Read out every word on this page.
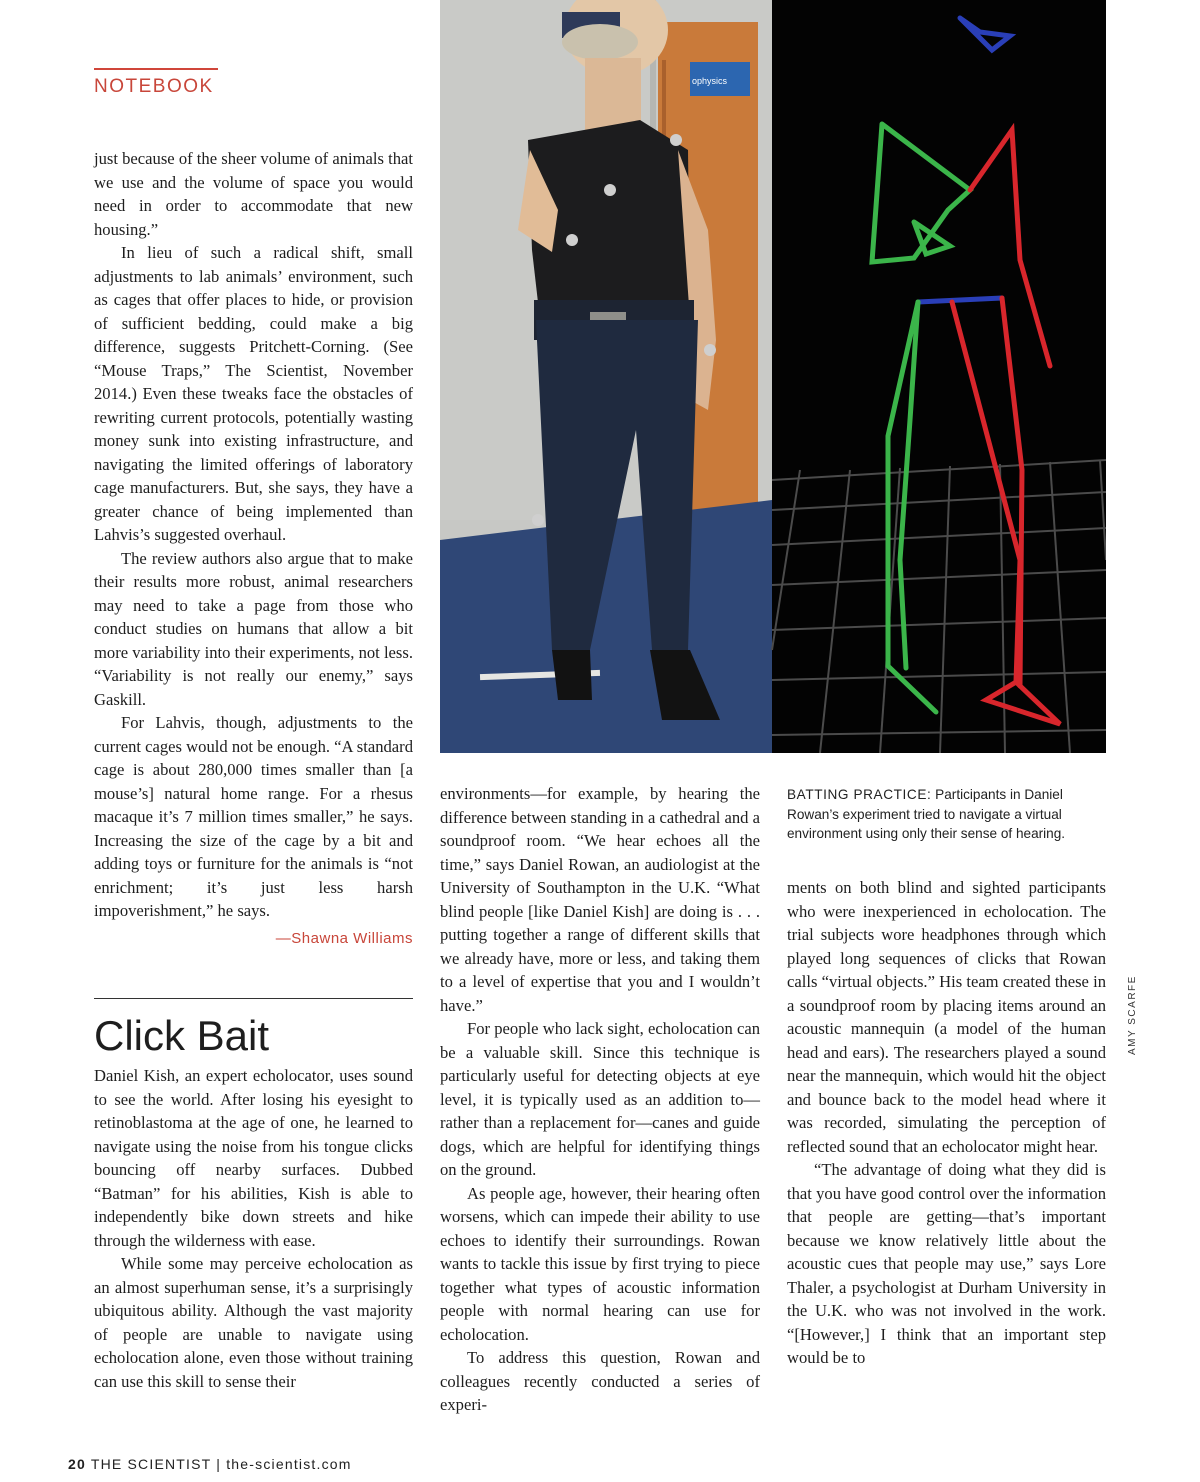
NOTEBOOK

just because of the sheer volume of animals that we use and the volume of space you would need in order to accommodate that new housing.”

In lieu of such a radical shift, small adjustments to lab animals’ environment, such as cages that offer places to hide, or provision of sufficient bedding, could make a big difference, suggests Pritchett-Corning. (See “Mouse Traps,” The Scientist, November 2014.) Even these tweaks face the obstacles of rewriting current protocols, potentially wasting money sunk into existing infrastructure, and navigating the limited offerings of laboratory cage manufacturers. But, she says, they have a greater chance of being implemented than Lahvis’s suggested overhaul.

The review authors also argue that to make their results more robust, animal researchers may need to take a page from those who conduct studies on humans that allow a bit more variability into their experiments, not less. “Variability is not really our enemy,” says Gaskill.

For Lahvis, though, adjustments to the current cages would not be enough. “A standard cage is about 280,000 times smaller than [a mouse’s] natural home range. For a rhesus macaque it’s 7 million times smaller,” he says. Increasing the size of the cage by a bit and adding toys or furniture for the animals is “not enrichment; it’s just less harsh impoverishment,” he says.

—Shawna Williams
Click Bait

Daniel Kish, an expert echolocator, uses sound to see the world. After losing his eyesight to retinoblastoma at the age of one, he learned to navigate using the noise from his tongue clicks bouncing off nearby surfaces. Dubbed “Batman” for his abilities, Kish is able to independently bike down streets and hike through the wilderness with ease.

While some may perceive echolocation as an almost superhuman sense, it’s a surprisingly ubiquitous ability. Although the vast majority of people are unable to navigate using echolocation alone, even those without training can use this skill to sense their

environments—for example, by hearing the difference between standing in a cathedral and a soundproof room. “We hear echoes all the time,” says Daniel Rowan, an audiologist at the University of Southampton in the U.K. “What blind people [like Daniel Kish] are doing is . . . putting together a range of different skills that we already have, more or less, and taking them to a level of expertise that you and I wouldn’t have.”

For people who lack sight, echolocation can be a valuable skill. Since this technique is particularly useful for detecting objects at eye level, it is typically used as an addition to—rather than a replacement for—canes and guide dogs, which are helpful for identifying things on the ground.

As people age, however, their hearing often worsens, which can impede their ability to use echoes to identify their surroundings. Rowan wants to tackle this issue by first trying to piece together what types of acoustic information people with normal hearing can use for echolocation.

To address this question, Rowan and colleagues recently conducted a series of experi-

ments on both blind and sighted participants who were inexperienced in echolocation. The trial subjects wore headphones through which played long sequences of clicks that Rowan calls “virtual objects.” His team created these in a soundproof room by placing items around an acoustic mannequin (a model of the human head and ears). The researchers played a sound near the mannequin, which would hit the object and bounce back to the model head where it was recorded, simulating the perception of reflected sound that an echolocator might hear.

“The advantage of doing what they did is that you have good control over the information that people are getting—that’s important because we know relatively little about the acoustic cues that people may use,” says Lore Thaler, a psychologist at Durham University in the U.K. who was not involved in the work. “[However,] I think that an important step would be to

ophysics
BATTING PRACTICE: Participants in Daniel Rowan’s experiment tried to navigate a virtual environment using only their sense of hearing.
AMY SCARFE
20 THE SCIENTIST | the-scientist.com
